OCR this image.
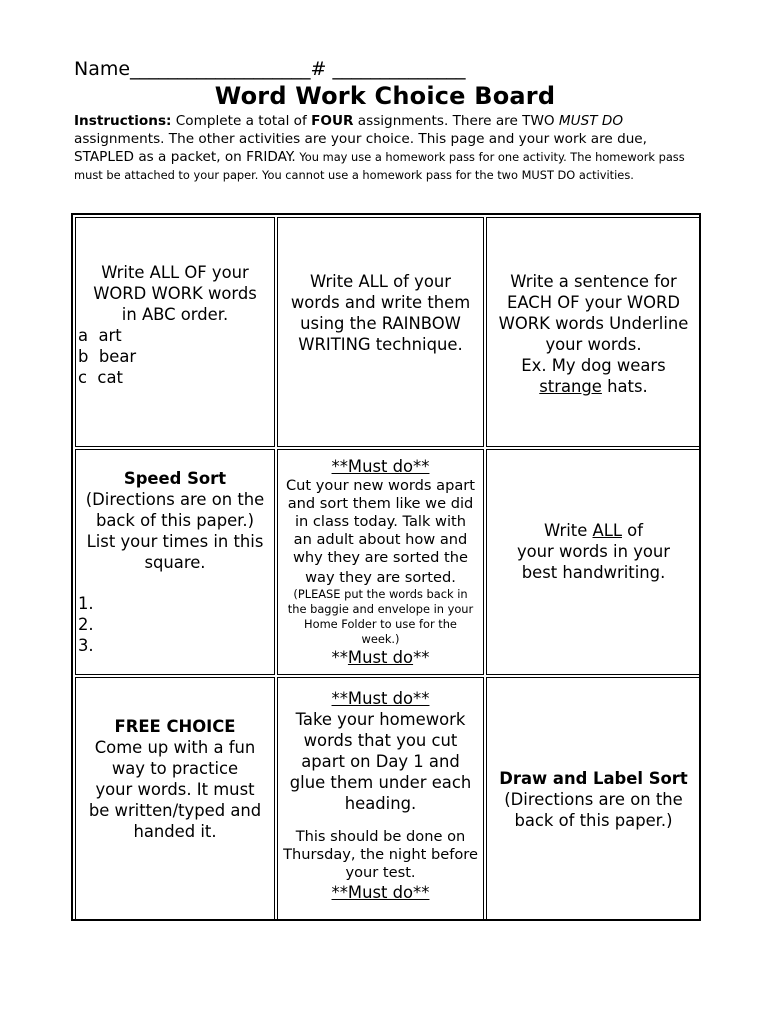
Name___________________# ______________
Word Work Choice Board
Instructions: Complete a total of FOUR assignments. There are TWO MUST DO assignments. The other activities are your choice. This page and your work are due, STAPLED as a packet, on FRIDAY. You may use a homework pass for one activity. The homework pass must be attached to your paper. You cannot use a homework pass for the two MUST DO activities.
Write ALL OF your
WORD WORK words
in ABC order.
a  art
b  bear
c  cat
Write ALL of your
words and write them
using the RAINBOW
WRITING technique.
Write a sentence for
EACH OF your WORD
WORK words Underline
your words.
Ex. My dog wears
strange hats.
Speed Sort
(Directions are on the
back of this paper.)
List your times in this
square.
1.
2.
3.
**Must do**
Cut your new words apart
and sort them like we did
in class today. Talk with
an adult about how and
why they are sorted the
way they are sorted.
(PLEASE put the words back in
the baggie and envelope in your
Home Folder to use for the
week.)
**Must do**
Write ALL of
your words in your
best handwriting.
FREE CHOICE
Come up with a fun
way to practice
your words. It must
be written/typed and
handed it.
**Must do**
Take your homework
words that you cut
apart on Day 1 and
glue them under each
heading.
This should be done on
Thursday, the night before
your test.
**Must do**
Draw and Label Sort
(Directions are on the
back of this paper.)
